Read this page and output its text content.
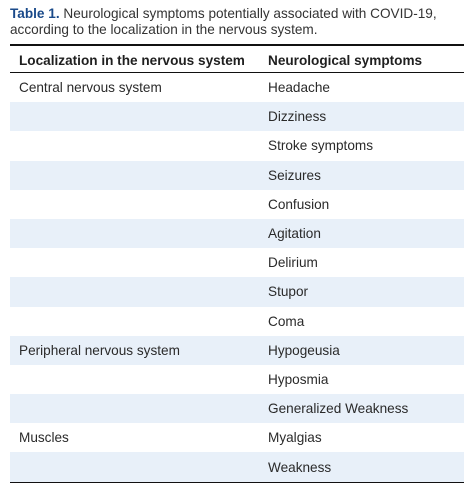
Table 1. Neurological symptoms potentially associated with COVID-19,
according to the localization in the nervous system.
Localization in the nervous system	Neurological symptoms
Central nervous system	Headache
	Dizziness
	Stroke symptoms
	Seizures
	Confusion
	Agitation
	Delirium
	Stupor
	Coma
Peripheral nervous system	Hypogeusia
	Hyposmia
	Generalized Weakness
Muscles	Myalgias
	Weakness
